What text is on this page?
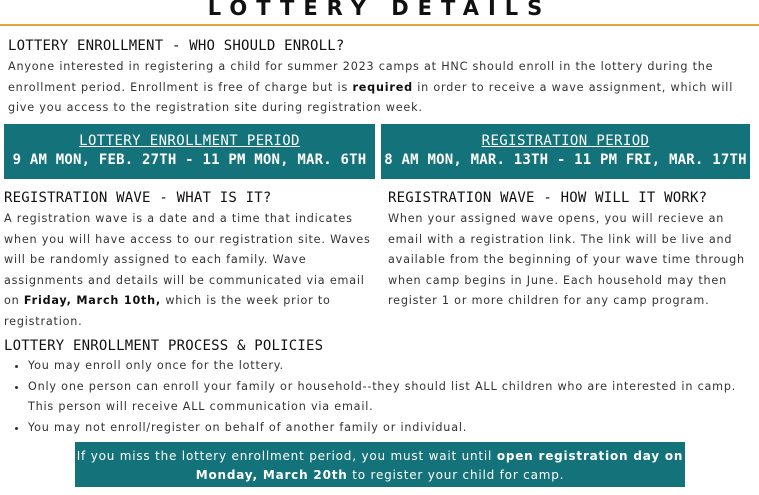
LOTTERY DETAILS
LOTTERY ENROLLMENT - WHO SHOULD ENROLL?
Anyone interested in registering a child for summer 2023 camps at HNC should enroll in the lottery during the enrollment period. Enrollment is free of charge but is required in order to receive a wave assignment, which will give you access to the registration site during registration week.
LOTTERY ENROLLMENT PERIOD
9 AM MON, FEB. 27TH - 11 PM MON, MAR. 6TH
REGISTRATION PERIOD
8 AM MON, MAR. 13TH - 11 PM FRI, MAR. 17TH
REGISTRATION WAVE - WHAT IS IT?
A registration wave is a date and a time that indicates when you will have access to our registration site. Waves will be randomly assigned to each family. Wave assignments and details will be communicated via email on Friday, March 10th, which is the week prior to registration.
REGISTRATION WAVE - HOW WILL IT WORK?
When your assigned wave opens, you will recieve an email with a registration link. The link will be live and available from the beginning of your wave time through when camp begins in June. Each household may then register 1 or more children for any camp program.
LOTTERY ENROLLMENT PROCESS & POLICIES
• You may enroll only once for the lottery.
• Only one person can enroll your family or household--they should list ALL children who are interested in camp. This person will receive ALL communication via email.
• You may not enroll/register on behalf of another family or individual.
If you miss the lottery enrollment period, you must wait until open registration day on Monday, March 20th to register your child for camp.
